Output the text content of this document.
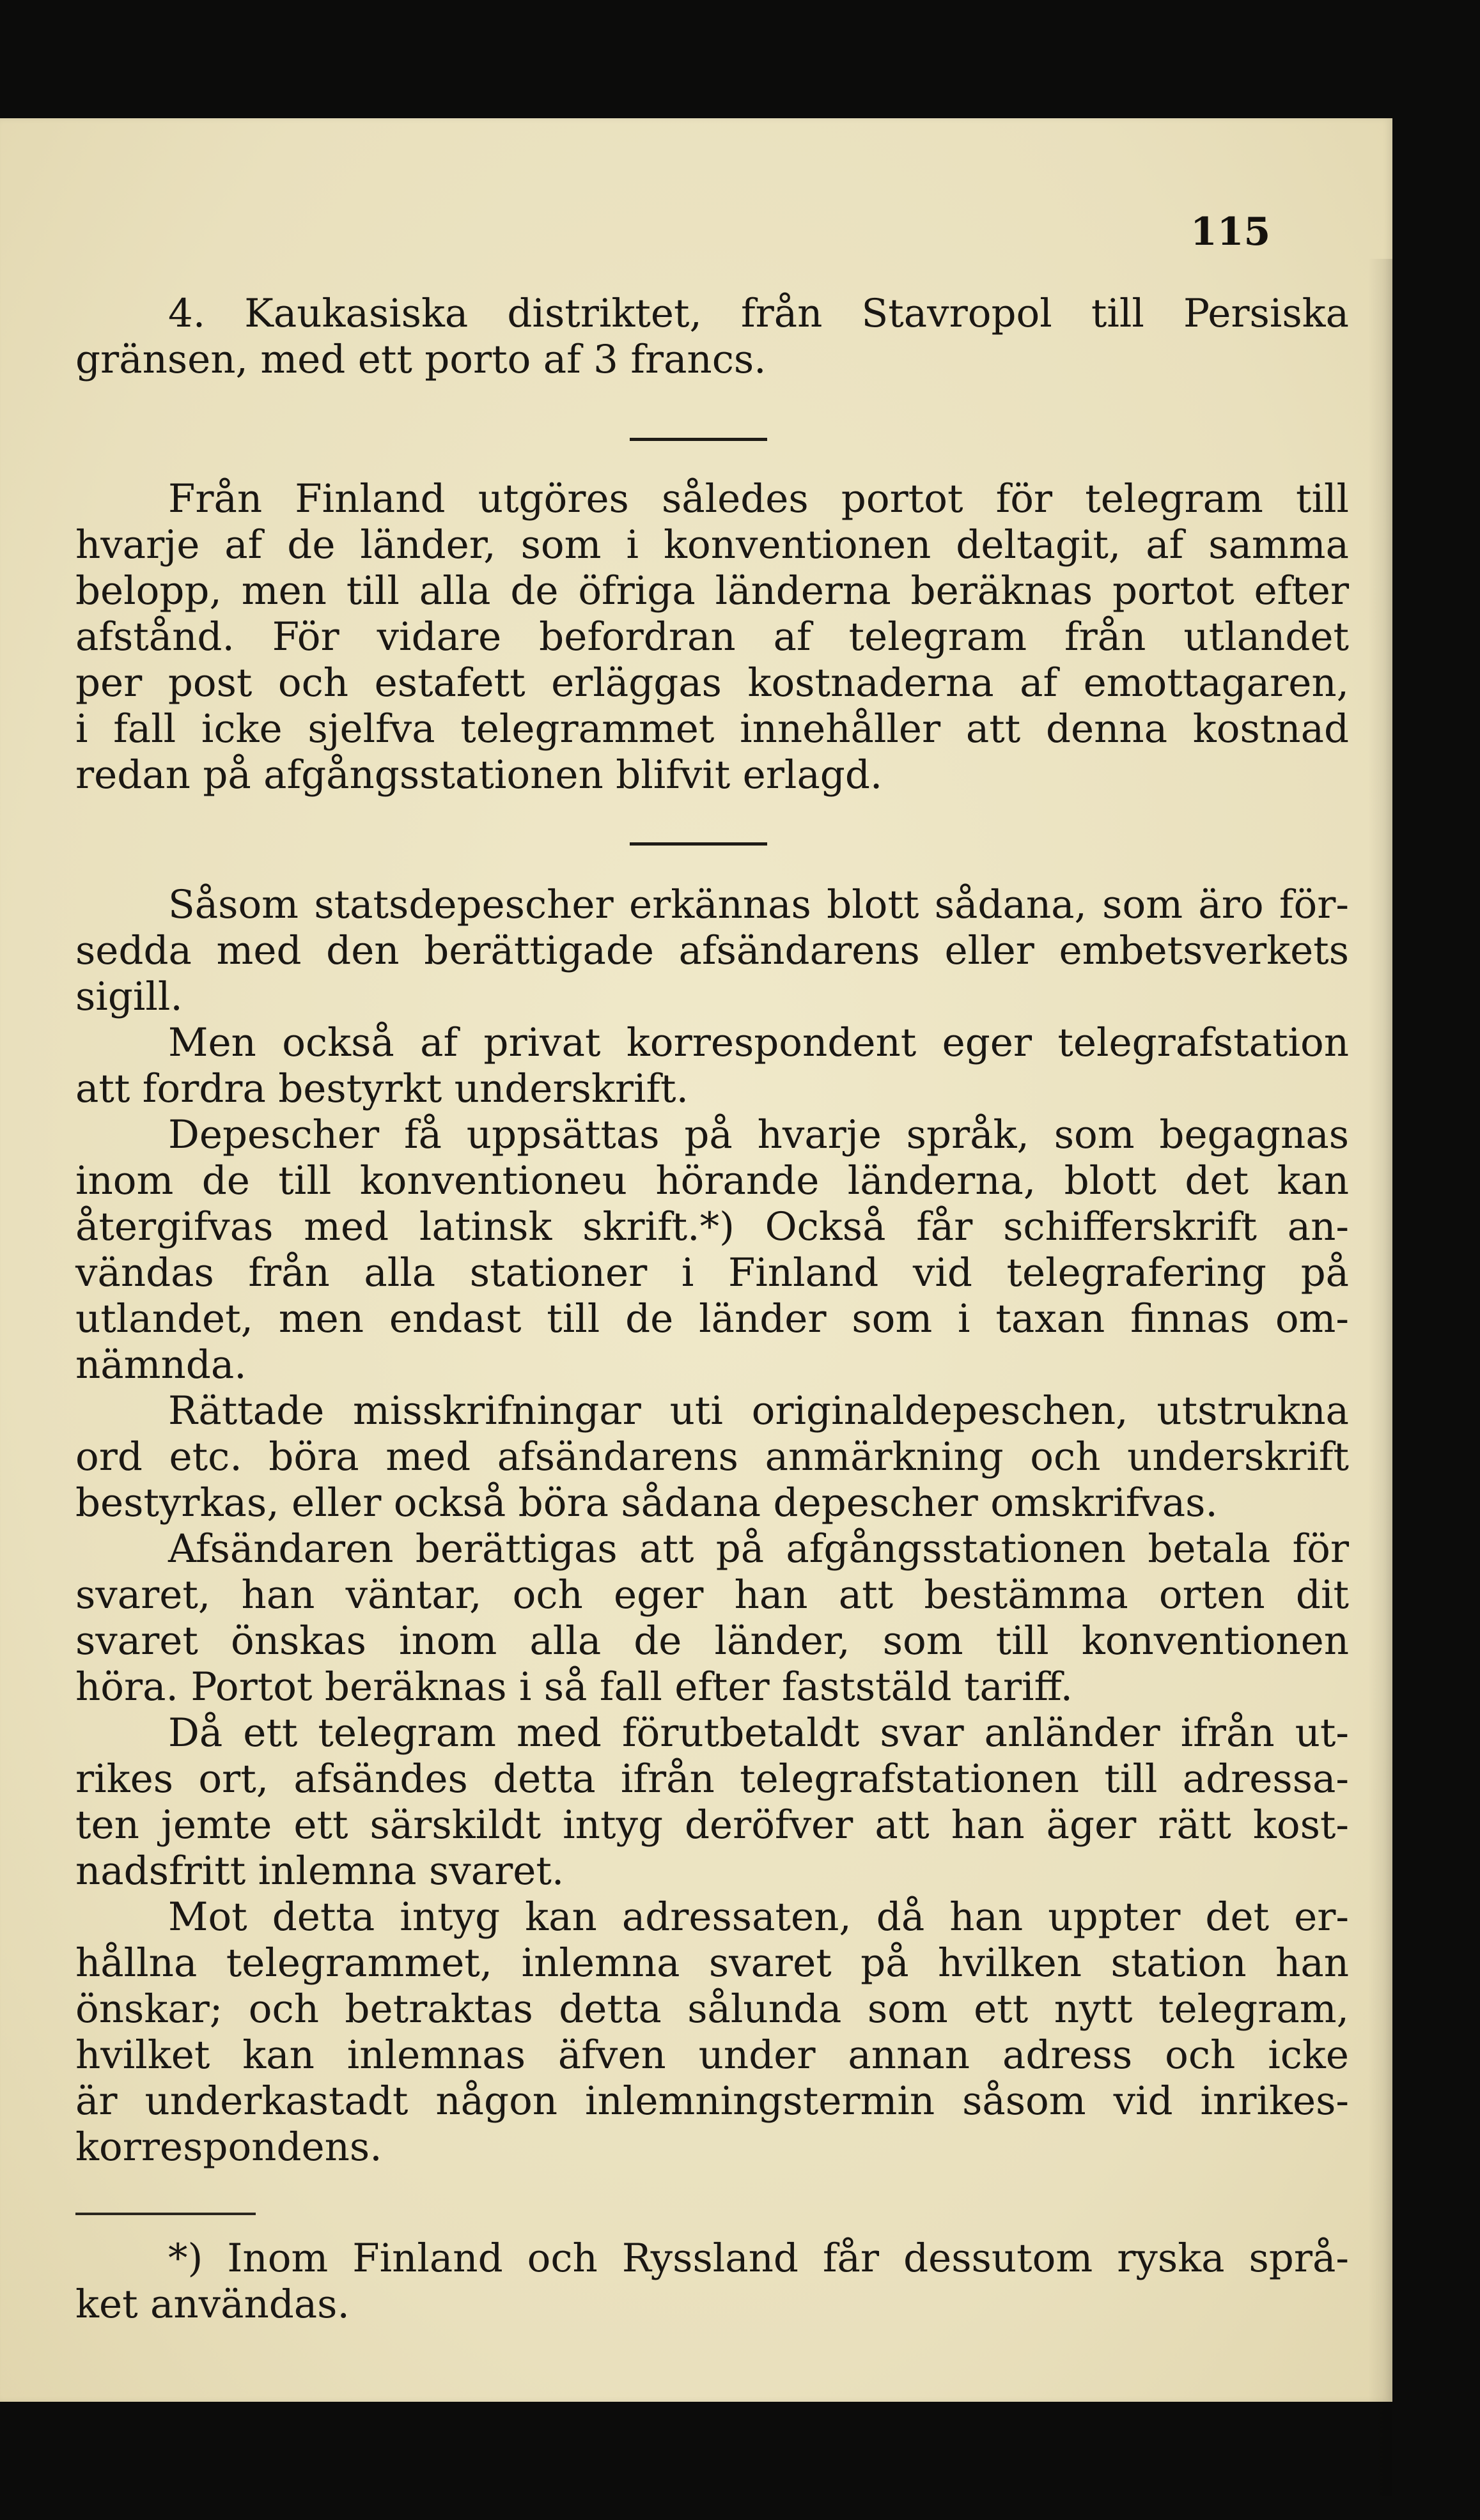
115
4. Kaukasiska distriktet, från Stavropol till Persiska
gränsen, med ett porto af 3 francs.
Från Finland utgöres således portot för telegram till
hvarje af de länder, som i konventionen deltagit, af samma
belopp, men till alla de öfriga länderna beräknas portot efter
afstånd. För vidare befordran af telegram från utlandet
per post och estafett erläggas kostnaderna af emottagaren,
i fall icke sjelfva telegrammet innehåller att denna kostnad
redan på afgångsstationen blifvit erlagd.
Såsom statsdepescher erkännas blott sådana, som äro för-
sedda med den berättigade afsändarens eller embetsverkets
sigill.
Men också af privat korrespondent eger telegrafstation
att fordra bestyrkt underskrift.
Depescher få uppsättas på hvarje språk, som begagnas
inom de till konventioneu hörande länderna, blott det kan
återgifvas med latinsk skrift.*) Också får schifferskrift an-
vändas från alla stationer i Finland vid telegrafering på
utlandet, men endast till de länder som i taxan finnas om-
nämnda.
Rättade misskrifningar uti originaldepeschen, utstrukna
ord etc. böra med afsändarens anmärkning och underskrift
bestyrkas, eller också böra sådana depescher omskrifvas.
Afsändaren berättigas att på afgångsstationen betala för
svaret, han väntar, och eger han att bestämma orten dit
svaret önskas inom alla de länder, som till konventionen
höra. Portot beräknas i så fall efter faststäld tariff.
Då ett telegram med förutbetaldt svar anländer ifrån ut-
rikes ort, afsändes detta ifrån telegrafstationen till adressa-
ten jemte ett särskildt intyg deröfver att han äger rätt kost-
nadsfritt inlemna svaret.
Mot detta intyg kan adressaten, då han uppter det er-
hållna telegrammet, inlemna svaret på hvilken station han
önskar; och betraktas detta sålunda som ett nytt telegram,
hvilket kan inlemnas äfven under annan adress och icke
är underkastadt någon inlemningstermin såsom vid inrikes-
korrespondens.
*) Inom Finland och Ryssland får dessutom ryska språ-
ket användas.
